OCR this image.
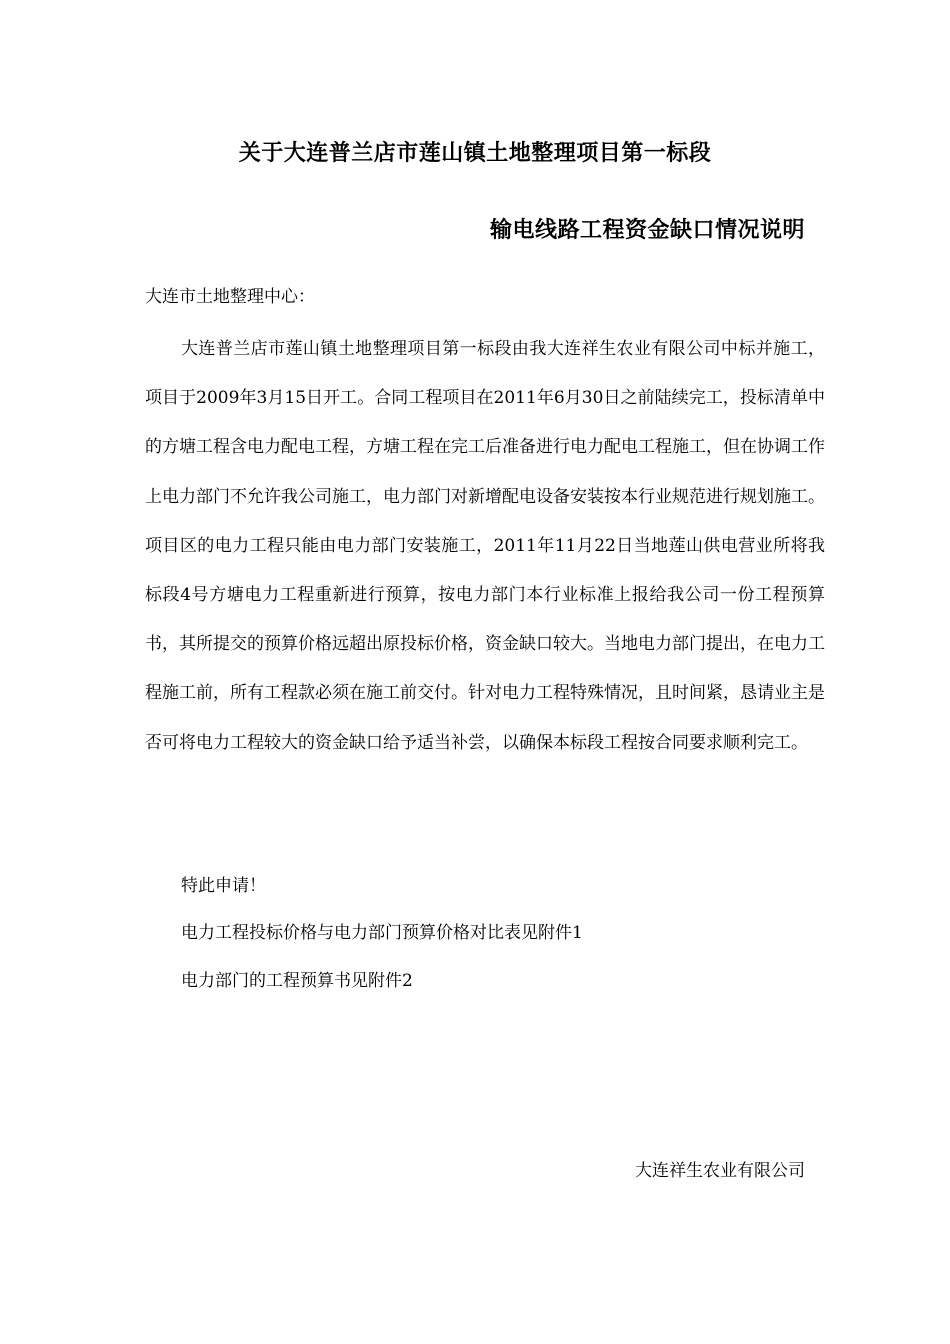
关于大连普兰店市莲山镇土地整理项目第一标段
输电线路工程资金缺口情况说明
大连市土地整理中心：

大连普兰店市莲山镇土地整理项目第一标段由我大连祥生农业有限公司中标并施工，项目于2009年3月15日开工。合同工程项目在2011年6月30日之前陆续完工，投标清单中的方塘工程含电力配电工程，方塘工程在完工后准备进行电力配电工程施工，但在协调工作上电力部门不允许我公司施工，电力部门对新增配电设备安装按本行业规范进行规划施工。项目区的电力工程只能由电力部门安装施工，2011年11月22日当地莲山供电营业所将我标段4号方塘电力工程重新进行预算，按电力部门本行业标准上报给我公司一份工程预算书，其所提交的预算价格远超出原投标价格，资金缺口较大。当地电力部门提出，在电力工程施工前，所有工程款必须在施工前交付。针对电力工程特殊情况，且时间紧，恳请业主是否可将电力工程较大的资金缺口给予适当补尝，以确保本标段工程按合同要求顺利完工。

特此申请！
电力工程投标价格与电力部门预算价格对比表见附件1
电力部门的工程预算书见附件2
大连祥生农业有限公司
